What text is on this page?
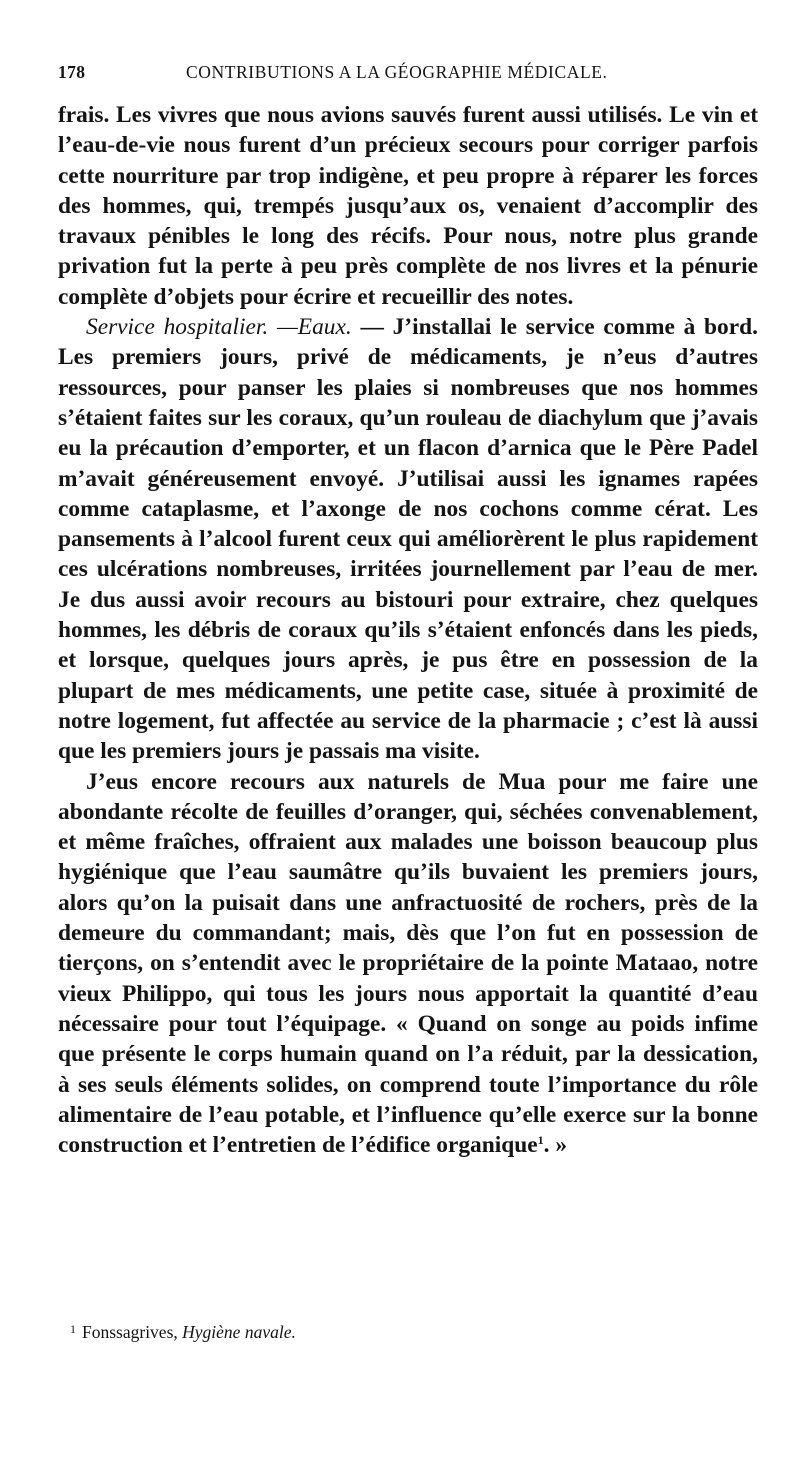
178	CONTRIBUTIONS A LA GÉOGRAPHIE MÉDICALE.

frais. Les vivres que nous avions sauvés furent aussi utilisés. Le vin et l’eau-de-vie nous furent d’un précieux secours pour corriger parfois cette nourriture par trop indigène, et peu propre à réparer les forces des hommes, qui, trempés jusqu’aux os, venaient d’accomplir des travaux pénibles le long des récifs. Pour nous, notre plus grande privation fut la perte à peu près complète de nos livres et la pénurie complète d’objets pour écrire et recueillir des notes.

Service hospitalier. —Eaux. — J’installai le service comme à bord. Les premiers jours, privé de médicaments, je n’eus d’autres ressources, pour panser les plaies si nombreuses que nos hommes s’étaient faites sur les coraux, qu’un rouleau de diachylum que j’avais eu la précaution d’emporter, et un flacon d’arnica que le Père Padel m’avait généreusement envoyé. J’utilisai aussi les ignames rapées comme cataplasme, et l’axonge de nos cochons comme cérat. Les pansements à l’alcool furent ceux qui améliorèrent le plus rapidement ces ulcérations nombreuses, irritées journellement par l’eau de mer. Je dus aussi avoir recours au bistouri pour extraire, chez quelques hommes, les débris de coraux qu’ils s’étaient enfoncés dans les pieds, et lorsque, quelques jours après, je pus être en possession de la plupart de mes médicaments, une petite case, située à proximité de notre logement, fut affectée au service de la pharmacie ; c’est là aussi que les premiers jours je passais ma visite.

J’eus encore recours aux naturels de Mua pour me faire une abondante récolte de feuilles d’oranger, qui, séchées convenablement, et même fraîches, offraient aux malades une boisson beaucoup plus hygiénique que l’eau saumâtre qu’ils buvaient les premiers jours, alors qu’on la puisait dans une anfractuosité de rochers, près de la demeure du commandant; mais, dès que l’on fut en possession de tierçons, on s’entendit avec le propriétaire de la pointe Mataao, notre vieux Philippo, qui tous les jours nous apportait la quantité d’eau nécessaire pour tout l’équipage. « Quand on songe au poids infime que présente le corps humain quand on l’a réduit, par la dessication, à ses seuls éléments solides, on comprend toute l’importance du rôle alimentaire de l’eau potable, et l’influence qu’elle exerce sur la bonne construction et l’entretien de l’édifice organique$^1$. »

$^1$ Fonssagrives, Hygiène navale.
